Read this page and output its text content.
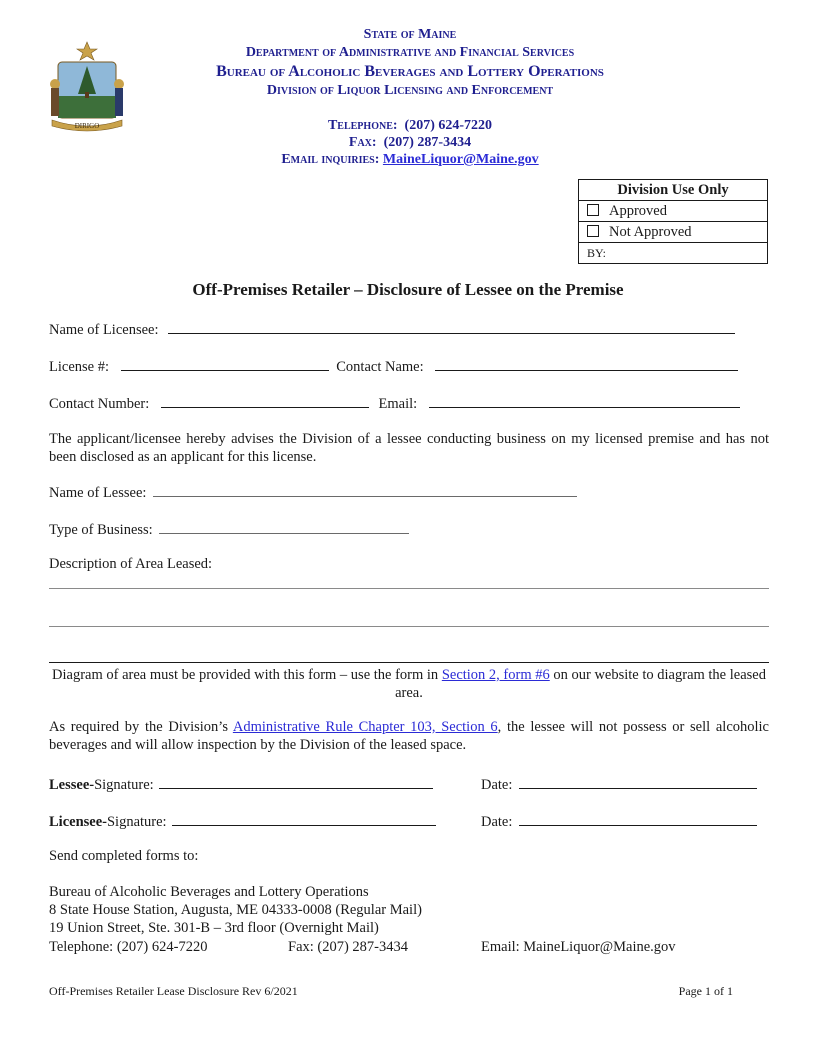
DIRIGO
State of Maine
Department of Administrative and Financial Services
Bureau of Alcoholic Beverages and Lottery Operations
Division of Liquor Licensing and Enforcement
Telephone: (207) 624-7220
Fax: (207) 287-3434
Email inquiries: MaineLiquor@Maine.gov
Division Use Only
Approved
Not Approved
BY:
Off-Premises Retailer – Disclosure of Lessee on the Premise
Name of Licensee:
License #:	Contact Name:
Contact Number:	Email:
The applicant/licensee hereby advises the Division of a lessee conducting business on my licensed premise and has not been disclosed as an applicant for this license.
Name of Lessee:
Type of Business:
Description of Area Leased:
Diagram of area must be provided with this form – use the form in Section 2, form #6 on our website to diagram the leased area.
As required by the Division’s Administrative Rule Chapter 103, Section 6, the lessee will not possess or sell alcoholic beverages and will allow inspection by the Division of the leased space.
Lessee-Signature:	Date:
Licensee-Signature:	Date:
Send completed forms to:
Bureau of Alcoholic Beverages and Lottery Operations
8 State House Station, Augusta, ME 04333-0008 (Regular Mail)
19 Union Street, Ste. 301-B – 3rd floor (Overnight Mail)
Telephone: (207) 624-7220	Fax: (207) 287-3434	Email: MaineLiquor@Maine.gov
Off-Premises Retailer Lease Disclosure Rev 6/2021	Page 1 of 1
